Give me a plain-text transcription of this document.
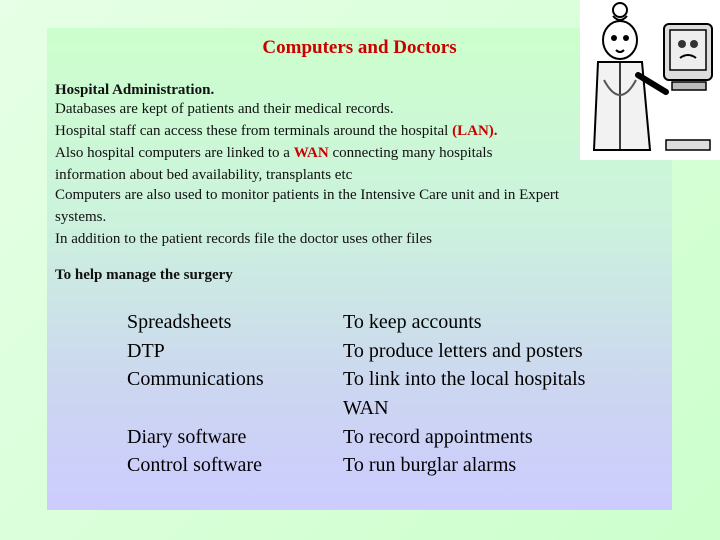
Computers and Doctors
Hospital Administration.
Databases are kept of patients and their medical records.
Hospital staff can access these from terminals around the hospital (LAN).
Also hospital computers are linked to a WAN connecting many hospitals
information about bed availability, transplants etc
Computers are also used to monitor patients in the Intensive Care unit and in Expert
systems.
In addition to the patient records file the doctor uses other files
To help manage the surgery
Spreadsheets	To keep accounts
DTP	To produce letters and posters
Communications	To link into the local hospitals
WAN
Diary software	To record appointments
Control software	To run burglar alarms
